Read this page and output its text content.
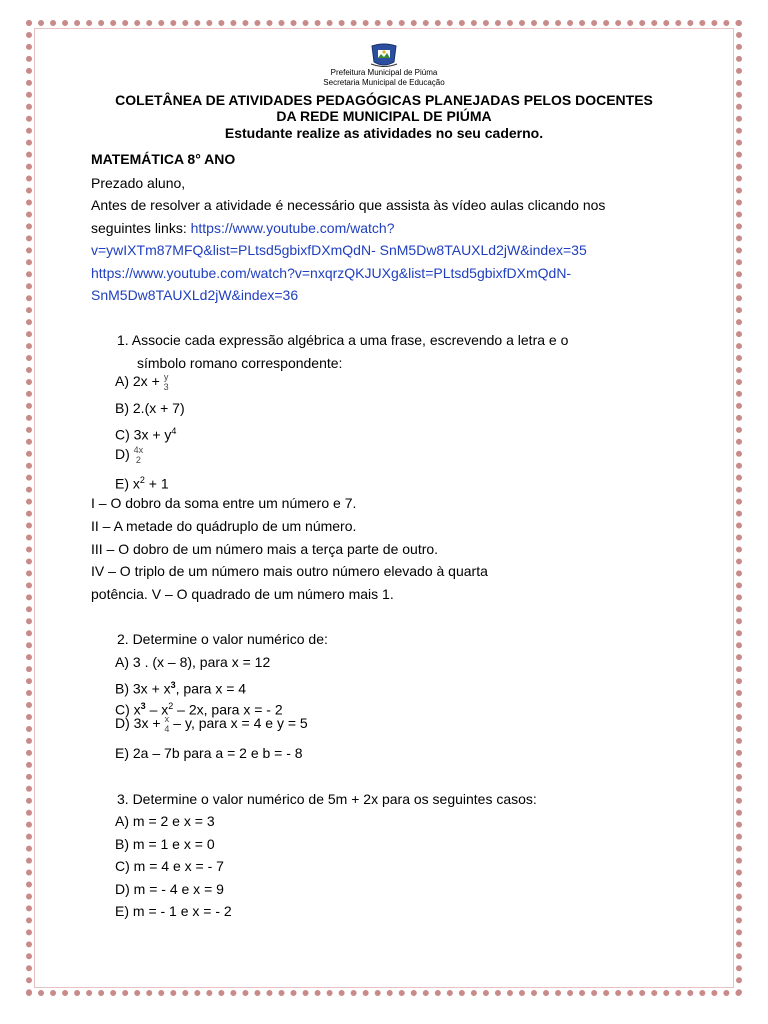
Prefeitura Municipal de Piúma
Secretaria Municipal de Educação
COLETÂNEA DE ATIVIDADES PEDAGÓGICAS PLANEJADAS PELOS DOCENTES
DA REDE MUNICIPAL DE PIÚMA
Estudante realize as atividades no seu caderno.
MATEMÁTICA 8° ANO
Prezado aluno,
Antes de resolver a atividade é necessário que assista às vídeo aulas clicando nos
seguintes links: https://www.youtube.com/watch?
v=ywIXTm87MFQ&list=PLtsd5gbixfDXmQdN- SnM5Dw8TAUXLd2jW&index=35
https://www.youtube.com/watch?v=nxqrzQKJUXg&list=PLtsd5gbixfDXmQdN-
SnM5Dw8TAUXLd2jW&index=36
1. Associe cada expressão algébrica a uma frase, escrevendo a letra e o
símbolo romano correspondente:
A) 2x + y
3
B) 2.(x + 7)
C) $3x + y^4$
D) 4x
2
E) $x^2 + 1$
I – O dobro da soma entre um número e 7.
II – A metade do quádruplo de um número.
III – O dobro de um número mais a terça parte de outro.
IV – O triplo de um número mais outro número elevado à quarta
potência. V – O quadrado de um número mais 1.
2. Determine o valor numérico de:
A) 3 . (x – 8), para x = 12
B) $3x + x^3$, para x = 4
C) $x^3 - x^2 - 2x$, para x = - 2
D) 3x + x
4 – y, para x = 4 e y = 5
E) 2a – 7b para a = 2 e b = - 8
3. Determine o valor numérico de 5m + 2x para os seguintes casos:
A) m = 2 e x = 3
B) m = 1 e x = 0
C) m = 4 e x = - 7
D) m = - 4 e x = 9
E) m = - 1 e x = - 2
